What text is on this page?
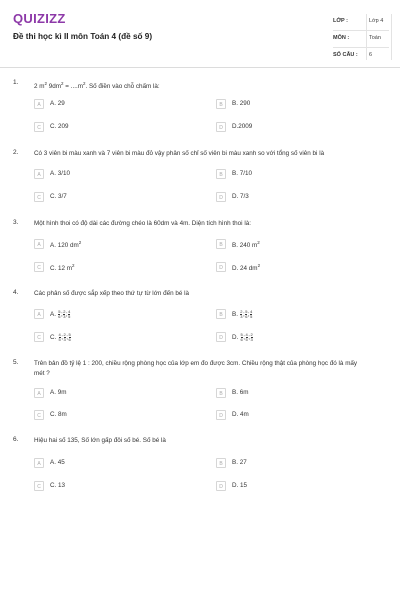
QUIZIZZ
Đề thi học kì II môn Toán 4 (đề số 9)
LỚP :	Lớp 4
MÔN :	Toán
SỐ CÂU : 6
1.
2 $m^2$ $9dm^2 = ....m^2$. Số điền vào chỗ chấm là:
A	A. 29	B	B. 290
C	C. 209	D	D.2009
2. Có 3 viên bi màu xanh và 7 viên bi màu đỏ vậy phân số chỉ số viên bi màu xanh so với tổng số viên bi là
A	A. 3/10	B	B. 7/10
C	C. 3/7	D	D. 7/3
3. Một hình thoi có độ dài các đường chéo là 60dm và 4m. Diện tích hình thoi là:
A	A. 120 $dm^2$	B	B. 240 $m^2$
C	C. 12 $m^2$	D	D. 24 $dm^2$
4. Các phân số được sắp xếp theo thứ tự từ lớn đến bé là
A	A. $\frac{5}{6}$ ; $\frac{2}{3}$ ; $\frac{4}{5}$	B	B. $\frac{2}{3}$ ; $\frac{5}{6}$ ; $\frac{4}{5}$
C	C. $\frac{4}{5}$ ; $\frac{2}{3}$ ; $\frac{5}{6}$	D	D. $\frac{5}{6}$ ; $\frac{4}{5}$ ; $\frac{2}{3}$
5. Trên bản đồ tỷ lệ 1 : 200, chiều rộng phòng học của lớp em đo được 3cm. Chiều rộng thật của phòng học đó là mấy mét ?
A	A. 9m	B	B. 6m
C	C. 8m	D	D. 4m
6. Hiệu hai số 135, Số lớn gấp đôi số bé. Số bé là
A	A. 45	B	B. 27
C	C. 13	D	D. 15
